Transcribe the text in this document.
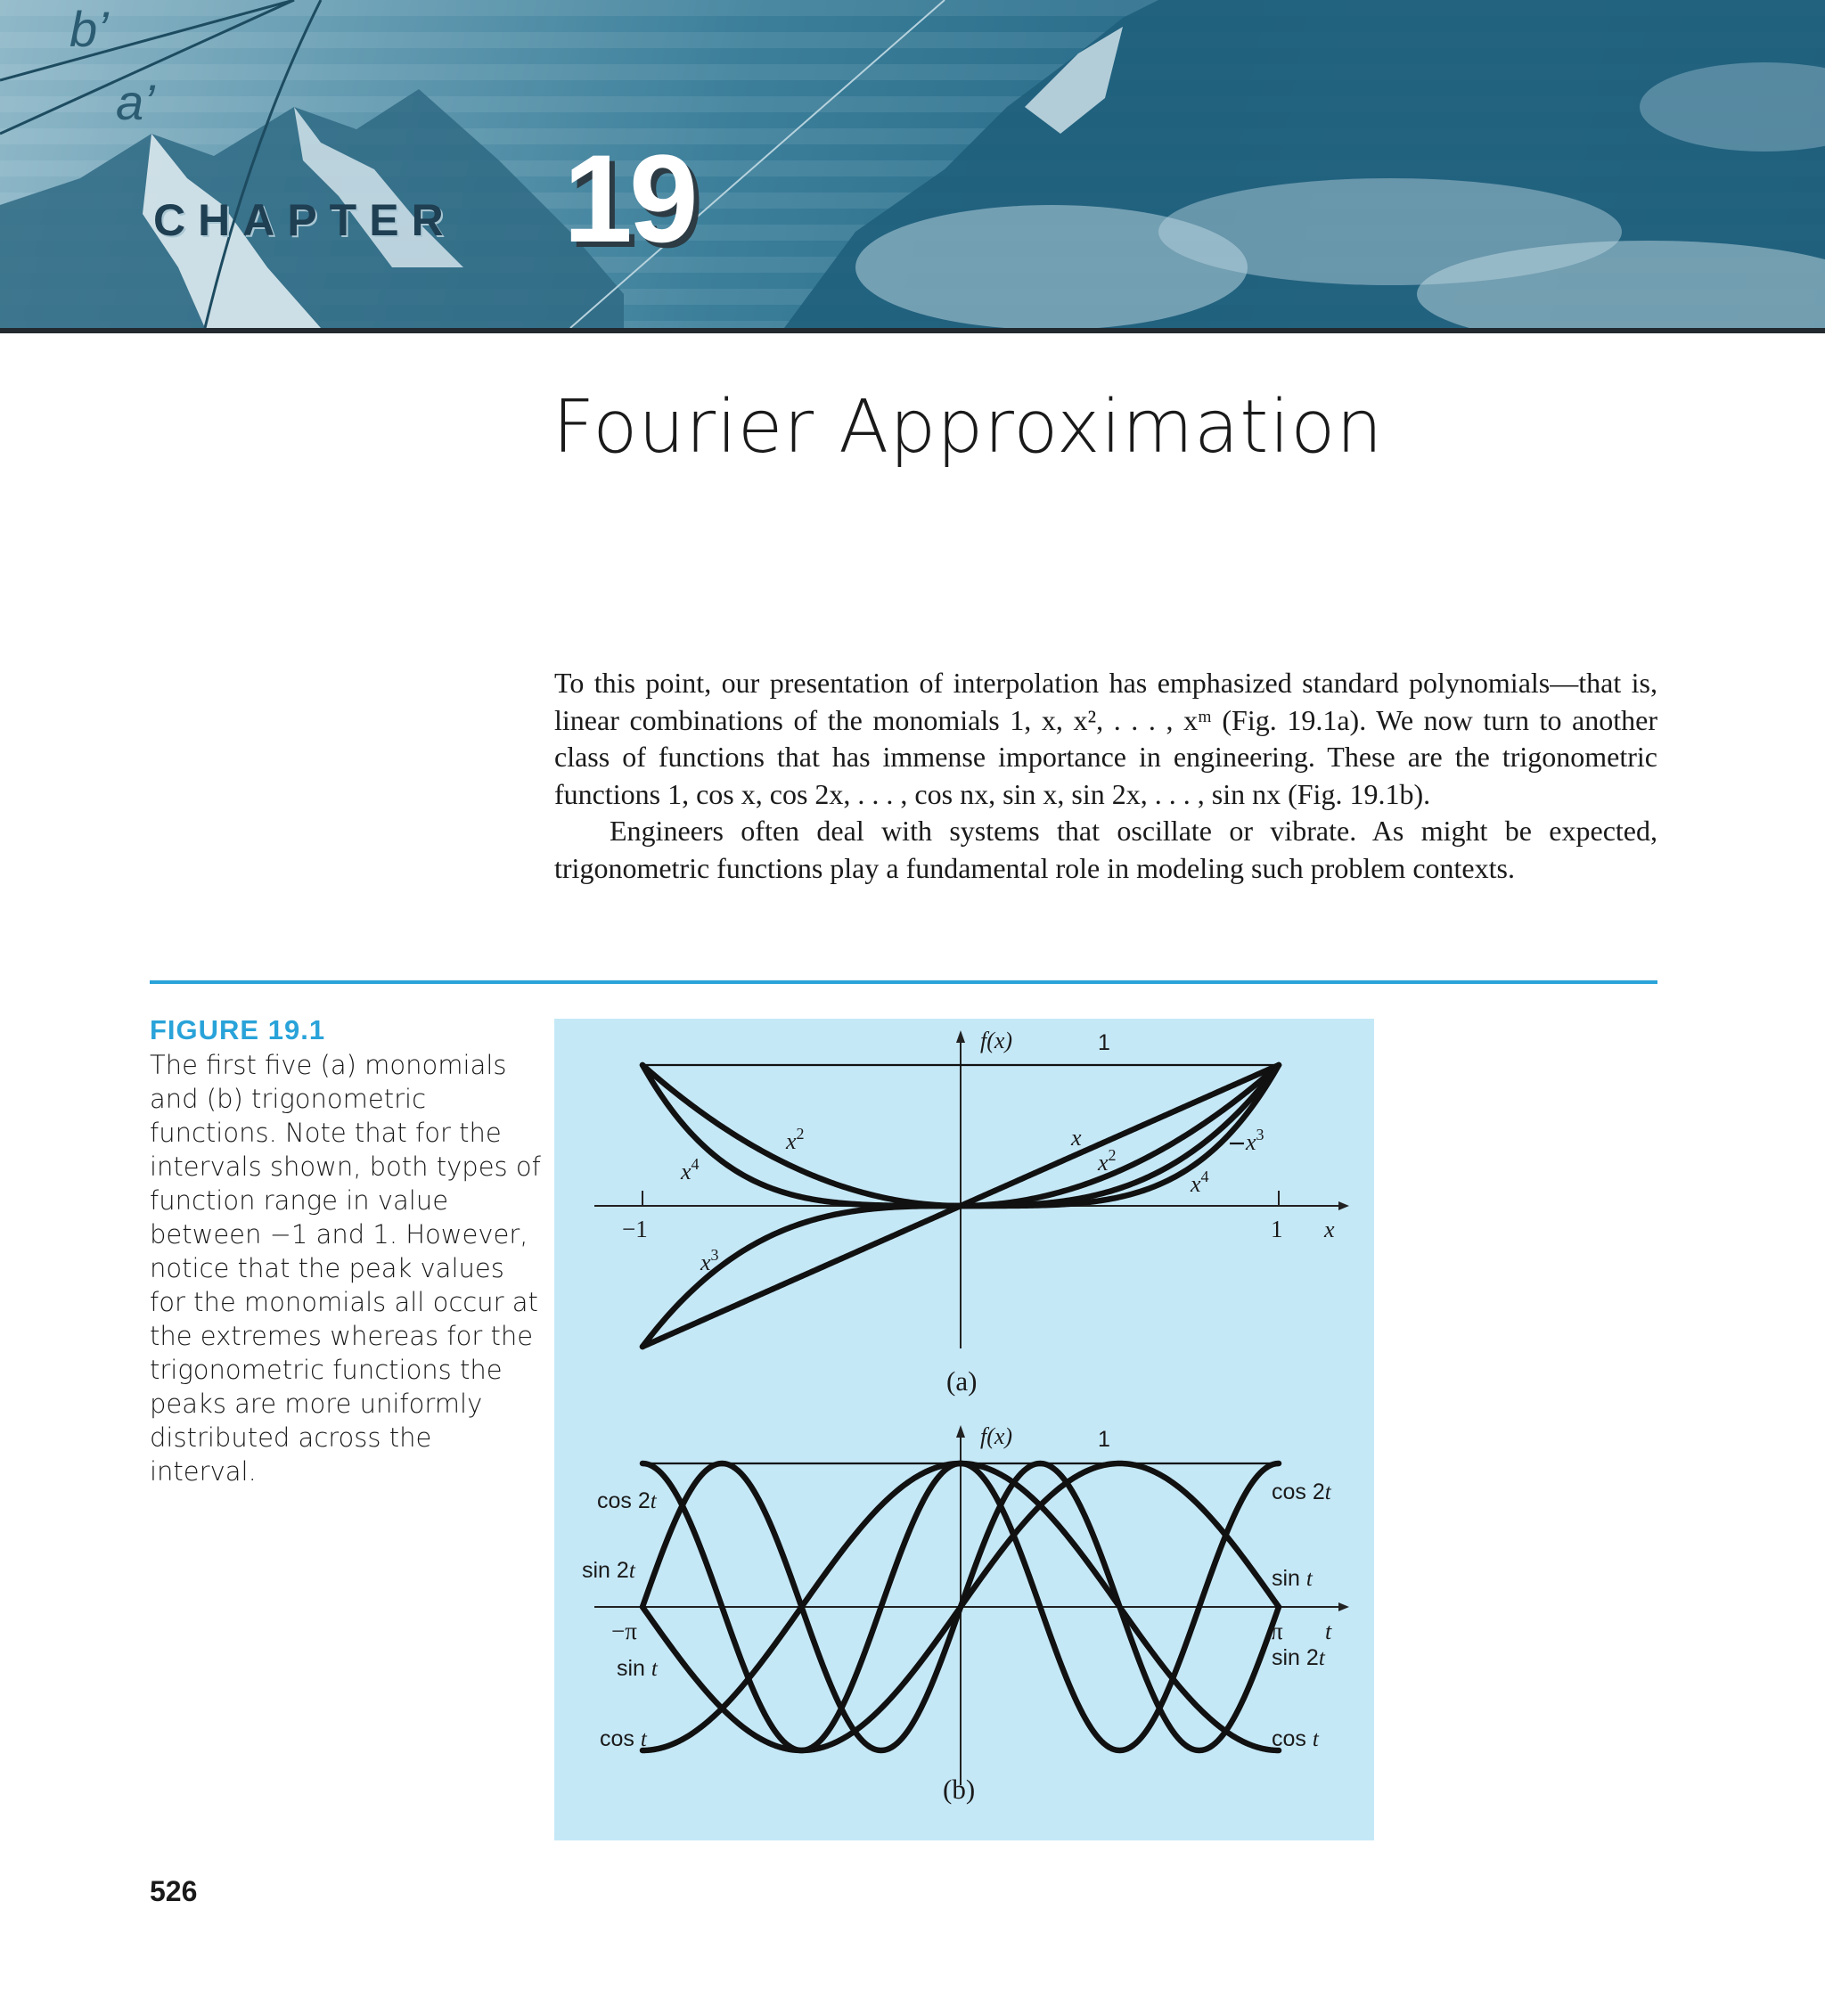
b’
a’
CHAPTER 19
Fourier Approximation

To this point, our presentation of interpolation has emphasized standard polynomials—that is, linear combinations of the monomials 1, x, x², . . . , xᵐ (Fig. 19.1a). We now turn to another class of functions that has immense importance in engineering. These are the trigonometric functions 1, cos x, cos 2x, . . . , cos nx, sin x, sin 2x, . . . , sin nx (Fig. 19.1b).

Engineers often deal with systems that oscillate or vibrate. As might be expected, trigonometric functions play a fundamental role in modeling such problem contexts.

FIGURE 19.1
The first five (a) monomials and (b) trigonometric functions. Note that for the intervals shown, both types of function range in value between −1 and 1. However, notice that the peak values for the monomials all occur at the extremes whereas for the trigonometric functions the peaks are more uniformly distributed across the interval.
f(x)	1
−1	1 x
$x^2$
$x^4$
x
$x^2$	$x^3$
$x^4$
$x^3$
(a)
f(x)	1
−π	π t
cos 2t
sin 2t
sin t
cos t
cos 2t
sin t
sin 2t
cos t
(b)
526
